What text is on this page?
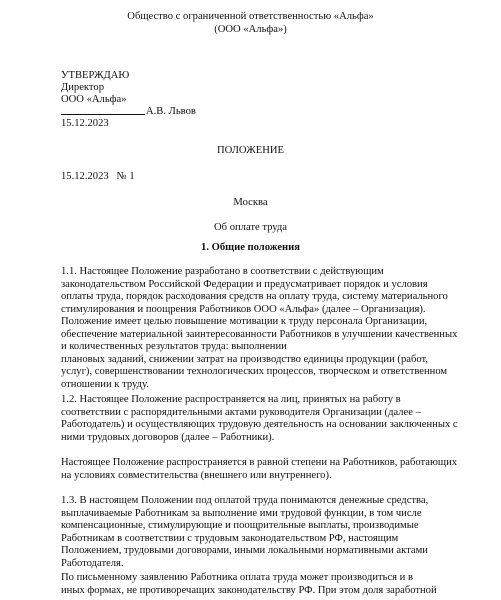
Общество с ограниченной ответственностью «Альфа»
(ООО «Альфа»)
УТВЕРЖДАЮ
Директор
ООО «Альфа»
А.В. Львов
15.12.2023
ПОЛОЖЕНИЕ
15.12.2023   № 1
Москва
Об оплате труда
1. Общие положения
1.1. Настоящее Положение разработано в соответствии с действующим
законодательством Российской Федерации и предусматривает порядок и условия
оплаты труда, порядок расходования средств на оплату труда, систему материального
стимулирования и поощрения Работников ООО «Альфа» (далее – Организация).
Положение имеет целью повышение мотивации к труду персонала Организации,
обеспечение материальной заинтересованности Работников в улучшении качественных
и количественных результатов труда: выполнении
плановых заданий, снижении затрат на производство единицы продукции (работ,
услуг), совершенствовании технологических процессов, творческом и ответственном
отношении к труду.
1.2. Настоящее Положение распространяется на лиц, принятых на работу в
соответствии с распорядительными актами руководителя Организации (далее –
Работодатель) и осуществляющих трудовую деятельность на основании заключенных с
ними трудовых договоров (далее – Работники).
Настоящее Положение распространяется в равной степени на Работников, работающих
на условиях совместительства (внешнего или внутреннего).
1.3. В настоящем Положении под оплатой труда понимаются денежные средства,
выплачиваемые Работникам за выполнение ими трудовой функции, в том числе
компенсационные, стимулирующие и поощрительные выплаты, производимые
Работникам в соответствии с трудовым законодательством РФ, настоящим
Положением, трудовыми договорами, иными локальными нормативными актами
Работодателя.
По письменному заявлению Работника оплата труда может производиться и в
иных формах, не противоречащих законодательству РФ. При этом доля заработной
